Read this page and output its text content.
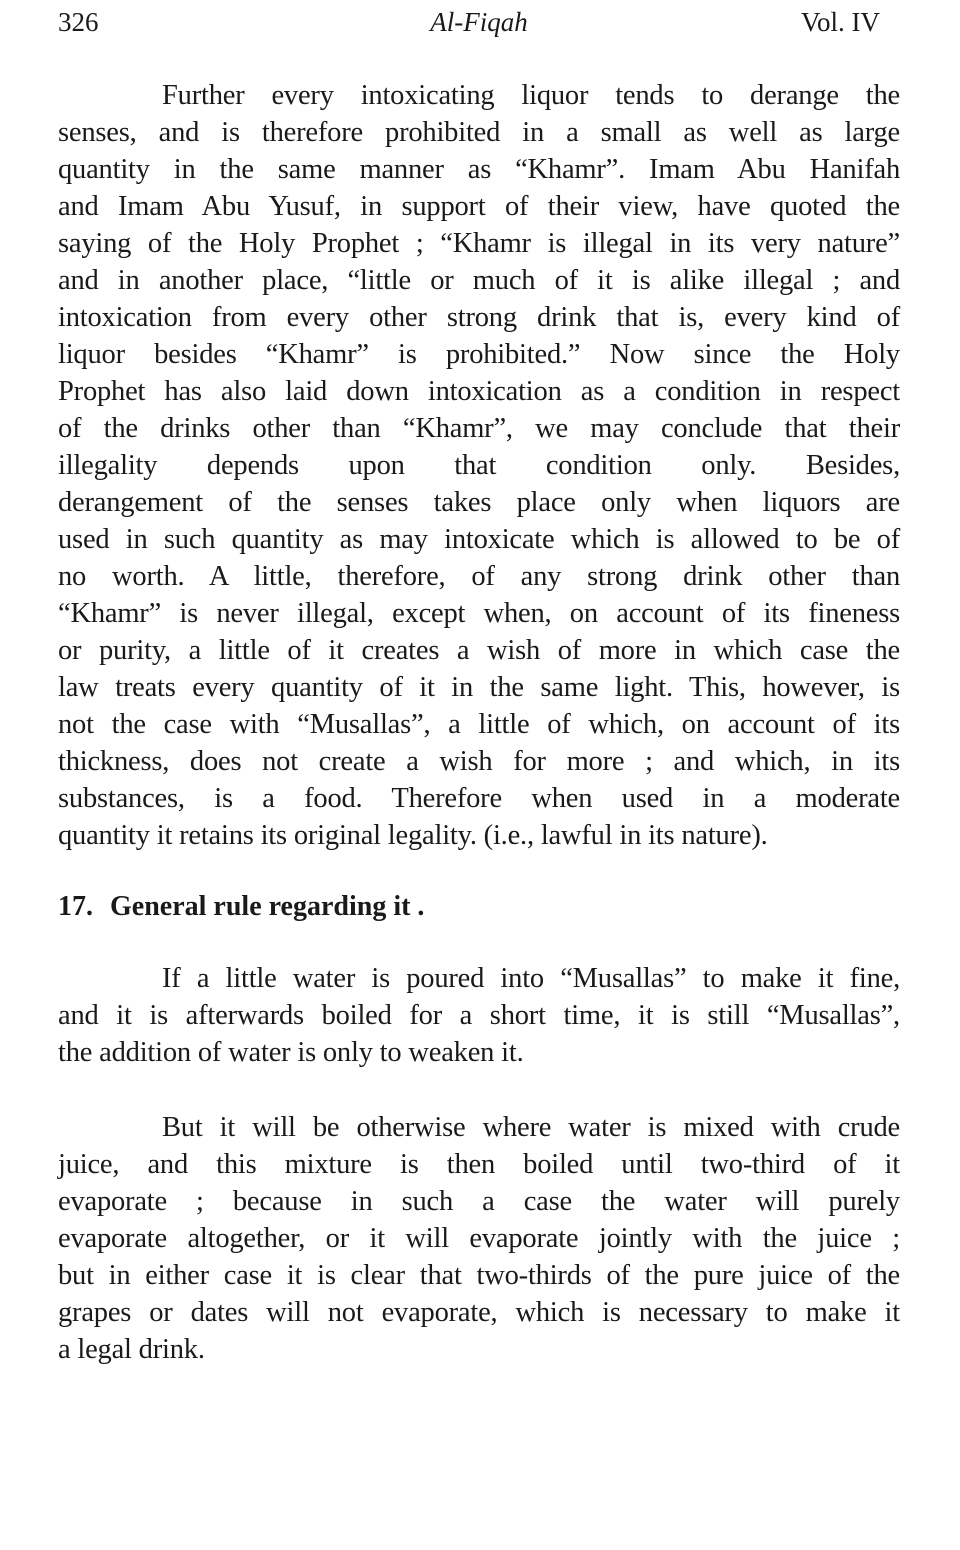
326	Al-Fiqah	Vol. IV
Further every intoxicating liquor tends to derange the
senses, and is therefore prohibited in a small as well as large
quantity in the same manner as “Khamr”. Imam Abu Hanifah
and Imam Abu Yusuf, in support of their view, have quoted the
saying of the Holy Prophet ; “Khamr is illegal in its very nature”
and in another place, “little or much of it is alike illegal ; and
intoxication from every other strong drink that is, every kind of
liquor besides “Khamr” is prohibited.” Now since the Holy
Prophet has also laid down intoxication as a condition in respect
of the drinks other than “Khamr”, we may conclude that their
illegality depends upon that condition only. Besides,
derangement of the senses takes place only when liquors are
used in such quantity as may intoxicate which is allowed to be of
no worth. A little, therefore, of any strong drink other than
“Khamr” is never illegal, except when, on account of its fineness
or purity, a little of it creates a wish of more in which case the
law treats every quantity of it in the same light. This, however, is
not the case with “Musallas”, a little of which, on account of its
thickness, does not create a wish for more ; and which, in its
substances, is a food. Therefore when used in a moderate
quantity it retains its original legality. (i.e., lawful in its nature).
17. General rule regarding it .
If a little water is poured into “Musallas” to make it fine,
and it is afterwards boiled for a short time, it is still “Musallas”,
the addition of water is only to weaken it.
But it will be otherwise where water is mixed with crude
juice, and this mixture is then boiled until two-third of it
evaporate ; because in such a case the water will purely
evaporate altogether, or it will evaporate jointly with the juice ;
but in either case it is clear that two-thirds of the pure juice of the
grapes or dates will not evaporate, which is necessary to make it
a legal drink.
